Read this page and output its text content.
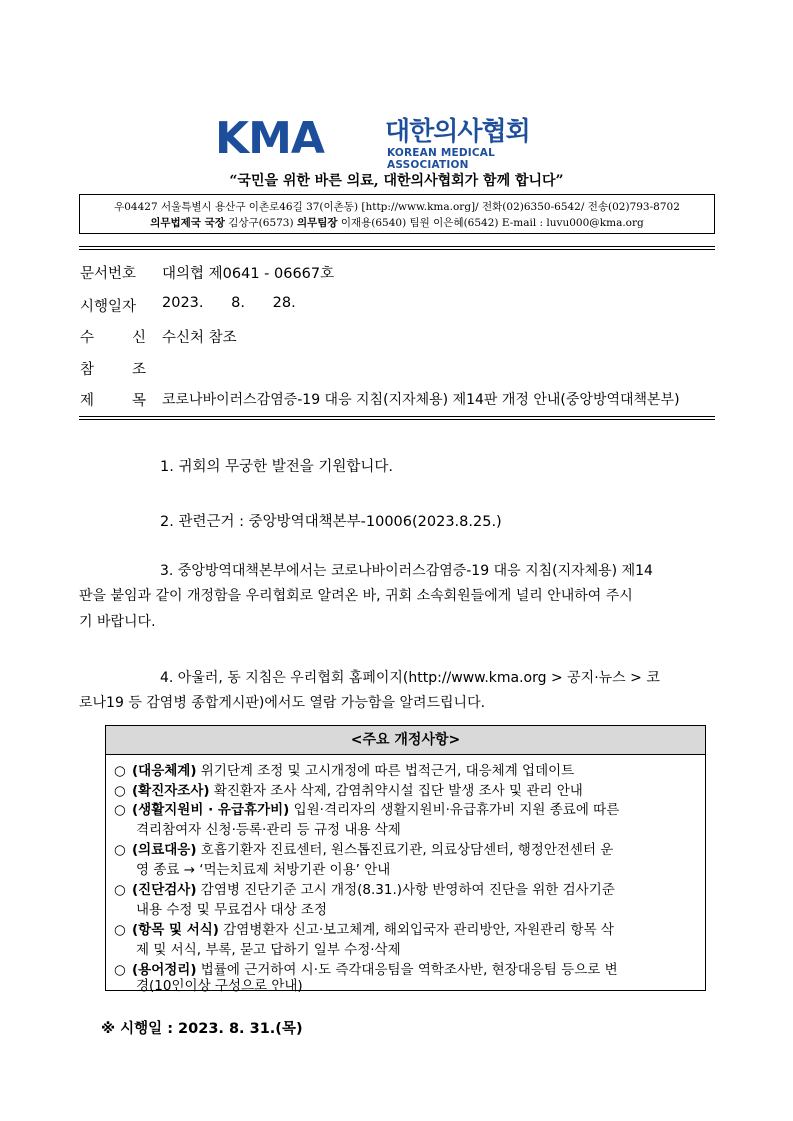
KMA 대한의사협회
KOREAN MEDICAL ASSOCIATION
“국민을 위한 바른 의료, 대한의사협회가 함께 합니다”
우04427 서울특별시 용산구 이촌로46길 37(이촌동) [http://www.kma.org]/ 전화(02)6350-6542/ 전송(02)793-8702
의무법제국 국장 김상구(6573) 의무팀장 이재용(6540) 팀원 이은혜(6542) E-mail : luvu000@kma.org
문서번호	대의협 제0641 - 06667호
시행일자	2023.      8.      28.
수	신 수신처 참조
참	조
제	목 코로나바이러스감염증-19 대응 지침(지자체용) 제14판 개정 안내(중앙방역대책본부)
1. 귀회의 무궁한 발전을 기원합니다.
2. 관련근거 : 중앙방역대책본부-10006(2023.8.25.)
3. 중앙방역대책본부에서는 코로나바이러스감염증-19 대응 지침(지자체용) 제14
판을 붙임과 같이 개정함을 우리협회로 알려온 바, 귀회 소속회원들에게 널리 안내하여 주시
기 바랍니다.
4. 아울러, 동 지침은 우리협회 홈페이지(http://www.kma.org > 공지·뉴스 > 코
로나19 등 감염병 종합게시판)에서도 열람 가능함을 알려드립니다.
<주요 개정사항>
○ (대응체계) 위기단계 조정 및 고시개정에 따른 법적근거, 대응체계 업데이트
○ (확진자조사) 확진환자 조사 삭제, 감염취약시설 집단 발생 조사 및 관리 안내
○ (생활지원비 · 유급휴가비) 입원·격리자의 생활지원비·유급휴가비 지원 종료에 따른
격리참여자 신청·등록·관리 등 규정 내용 삭제
○ (의료대응) 호흡기환자 진료센터, 원스톱진료기관, 의료상담센터, 행정안전센터 운
영 종료 → ‘먹는치료제 처방기관 이용’ 안내
○ (진단검사) 감염병 진단기준 고시 개정(8.31.)사항 반영하여 진단을 위한 검사기준
내용 수정 및 무료검사 대상 조정
○ (항목 및 서식) 감염병환자 신고·보고체계, 해외입국자 관리방안, 자원관리 항목 삭
제 및 서식, 부록, 묻고 답하기 일부 수정·삭제
○ (용어정리) 법률에 근거하여 시·도 즉각대응팀을 역학조사반, 현장대응팀 등으로 변
경(10인이상 구성으로 안내)
※ 시행일 : 2023. 8. 31.(목)
